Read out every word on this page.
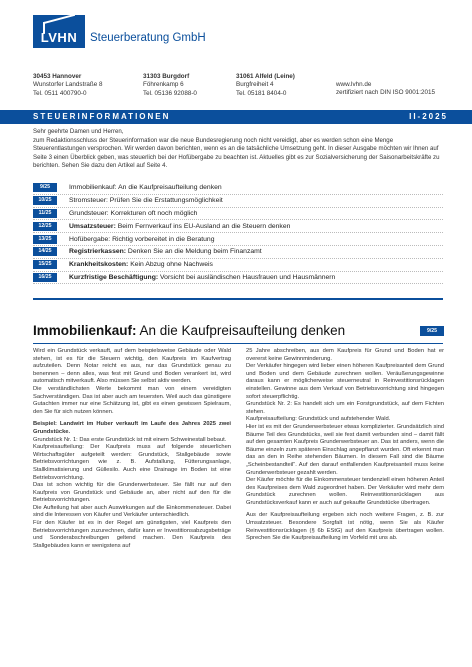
LVHN Steuerberatung GmbH
30453 Hannover
Wunstorfer Landstraße 8
Tel. 0511 400790-0
31303 Burgdorf
Föhrenkamp 6
Tel. 05136 92088-0
31061 Alfeld (Leine)
Burgfreiheit 4
Tel. 05181 8404-0
www.lvhn.de
zertifiziert nach DIN ISO 9001:2015
STEUERINFORMATIONEN	II-2025
Sehr geehrte Damen und Herren,
zum Redaktionsschluss der Steuerinformation war die neue Bundesregierung noch nicht vereidigt, aber es werden schon eine Menge Steuerentlastungen versprochen. Wir werden davon berichten, wenn es an die tatsächliche Umsetzung geht. In dieser Ausgabe möchten wir Ihnen auf Seite 3 einen Überblick geben, was steuerlich bei der Hofübergabe zu beachten ist. Aktuelles gibt es zur Sozialversicherung der Saisonarbeitskräfte zu berichten. Sehen Sie dazu den Artikel auf Seite 4.
9/25	Immobilienkauf: An die Kaufpreisaufteilung denken
10/25	Stromsteuer: Prüfen Sie die Erstattungsmöglichkeit
11/25	Grundsteuer: Korrekturen oft noch möglich
12/25	Umsatzsteuer: Beim Fernverkauf ins EU-Ausland an die Steuern denken
13/25	Hofübergabe: Richtig vorbereitet in die Beratung
14/25	Registrierkassen: Denken Sie an die Meldung beim Finanzamt
15/25	Krankheitskosten: Kein Abzug ohne Nachweis
16/25	Kurzfristige Beschäftigung: Vorsicht bei ausländischen Hausfrauen und Hausmännern
Immobilienkauf: An die Kaufpreisaufteilung denken	9/25

Wird ein Grundstück verkauft, auf dem beispielsweise Gebäude oder Wald stehen, ist es für die Steuern wichtig, den Kaufpreis im Kaufvertrag aufzuteilen. Denn Notar reicht es aus, nur das Grundstück genau zu benennen – denn alles, was fest mit Grund und Boden verankert ist, wird automatisch mitverkauft. Also müssen Sie selbst aktiv werden.

Die verständlichsten Werte bekommt man von einem vereidigten Sachverständigen. Das ist aber auch am teuersten. Weil auch das günstigere Gutachten immer nur eine Schätzung ist, gibt es einen gewissen Spielraum, den Sie für sich nutzen können.

Beispiel: Landwirt im Huber verkauft im Laufe des Jahres 2025 zwei Grundstücke.

Grundstück Nr. 1: Das erste Grundstück ist mit einem Schweinestall bebaut.

Kaufpreisaufteilung: Der Kaufpreis muss auf folgende steuerlichen Wirtschaftsgüter aufgeteilt werden: Grundstück, Stallgebäude sowie Betriebsvorrichtungen wie z. B. Aufstallung, Fütterungsanlage, Stallklimatisierung und Güllesilo. Auch eine Drainage im Boden ist eine Betriebsvorrichtung.

Das ist schon wichtig für die Grunderwerbsteuer. Sie fällt nur auf den Kaufpreis von Grundstück und Gebäude an, aber nicht auf den für die Betriebsvorrichtungen.

Die Aufteilung hat aber auch Auswirkungen auf die Einkommensteuer. Dabei sind die Interessen von Käufer und Verkäufer unterschiedlich.

Für den Käufer ist es in der Regel am günstigsten, viel Kaufpreis den Betriebsvorrichtungen zuzurechnen, dafür kann er Investitionsabzugsbeträge und Sonderabschreibungen geltend machen. Den Kaufpreis des Stallgebäudes kann er wenigstens auf

25 Jahre abschreiben, aus dem Kaufpreis für Grund und Boden hat er overerst keine Gewinnminderung.

Der Verkäufer hingegen wird lieber einen höheren Kaufpreisanteil dem Grund und Boden und dem Gebäude zurechnen wollen. Veräußerungsgewinne daraus kann er möglicherweise steuerneutral in Reinvestitionsrücklagen einstellen. Gewinne aus dem Verkauf von Betriebsvorrichtung sind hingegen sofort steuerpflichtig.

Grundstück Nr. 2: Es handelt sich um ein Forstgrundstück, auf dem Fichten stehen.

Kaufpreisaufteilung: Grundstück und aufstehender Wald.

Hier ist es mit der Grunderwerbsteuer etwas komplizierter. Grundsätzlich sind Bäume Teil des Grundstücks, weil sie fest damit verbunden sind – damit fällt auf den gesamten Kaufpreis Grunderwerbsteuer an. Das ist anders, wenn die Bäume einzeln zum späteren Einschlag angepflanzt wurden. Oft erkennt man das an den in Reihe stehenden Bäumen. In diesem Fall sind die Bäume „Scheinbestandteil“. Auf den darauf entfallenden Kaufpreisanteil muss keine Grunderwerbsteuer gezahlt werden.

Der Käufer möchte für die Einkommensteuer tendenziell einen höheren Anteil des Kaufpreises dem Wald zugeordnet haben. Der Verkäufer wird mehr dem Grundstück zurechnen wollen. Reinvestitionsrücklagen aus Grundstücksverkauf kann er auch auf gekaufte Grundstücke übertragen.

Aus der Kaufpreisaufteilung ergeben sich noch weitere Fragen, z. B. zur Umsatzsteuer. Besondere Sorgfalt ist nötig, wenn Sie als Käufer Reinvestitionsrücklagen (§ 6b EStG) auf den Kaufpreis übertragen wollen. Sprechen Sie die Kaufpreisaufteilung im Vorfeld mit uns ab.
